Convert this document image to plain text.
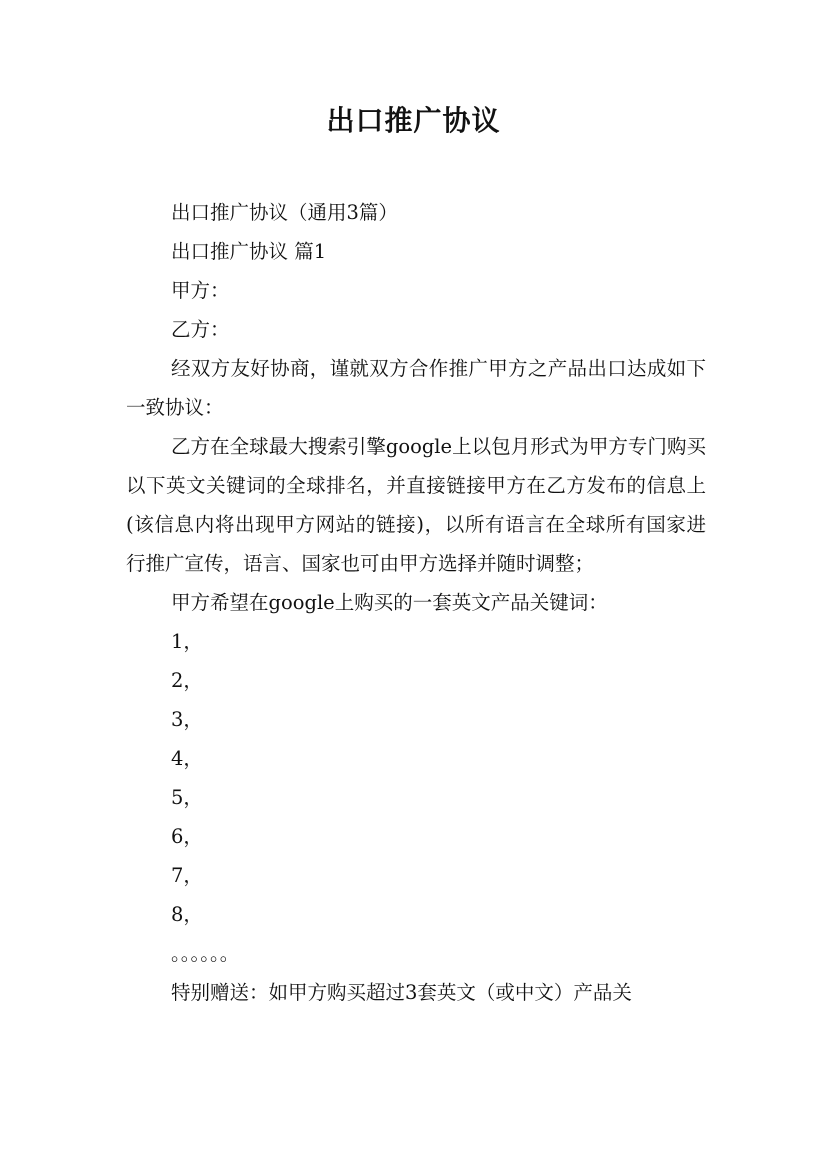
出口推广协议

出口推广协议（通用3篇）

出口推广协议 篇1

甲方：

乙方：

经双方友好协商，谨就双方合作推广甲方之产品出口达成如下一致协议：

乙方在全球最大搜索引擎google上以包月形式为甲方专门购买以下英文关键词的全球排名，并直接链接甲方在乙方发布的信息上(该信息内将出现甲方网站的链接)，以所有语言在全球所有国家进行推广宣传，语言、国家也可由甲方选择并随时调整；

甲方希望在google上购买的一套英文产品关键词：

1，

2，

3，

4，

5，

6，

7，

8，

。。。。。。

特别赠送：如甲方购买超过3套英文（或中文）产品关
